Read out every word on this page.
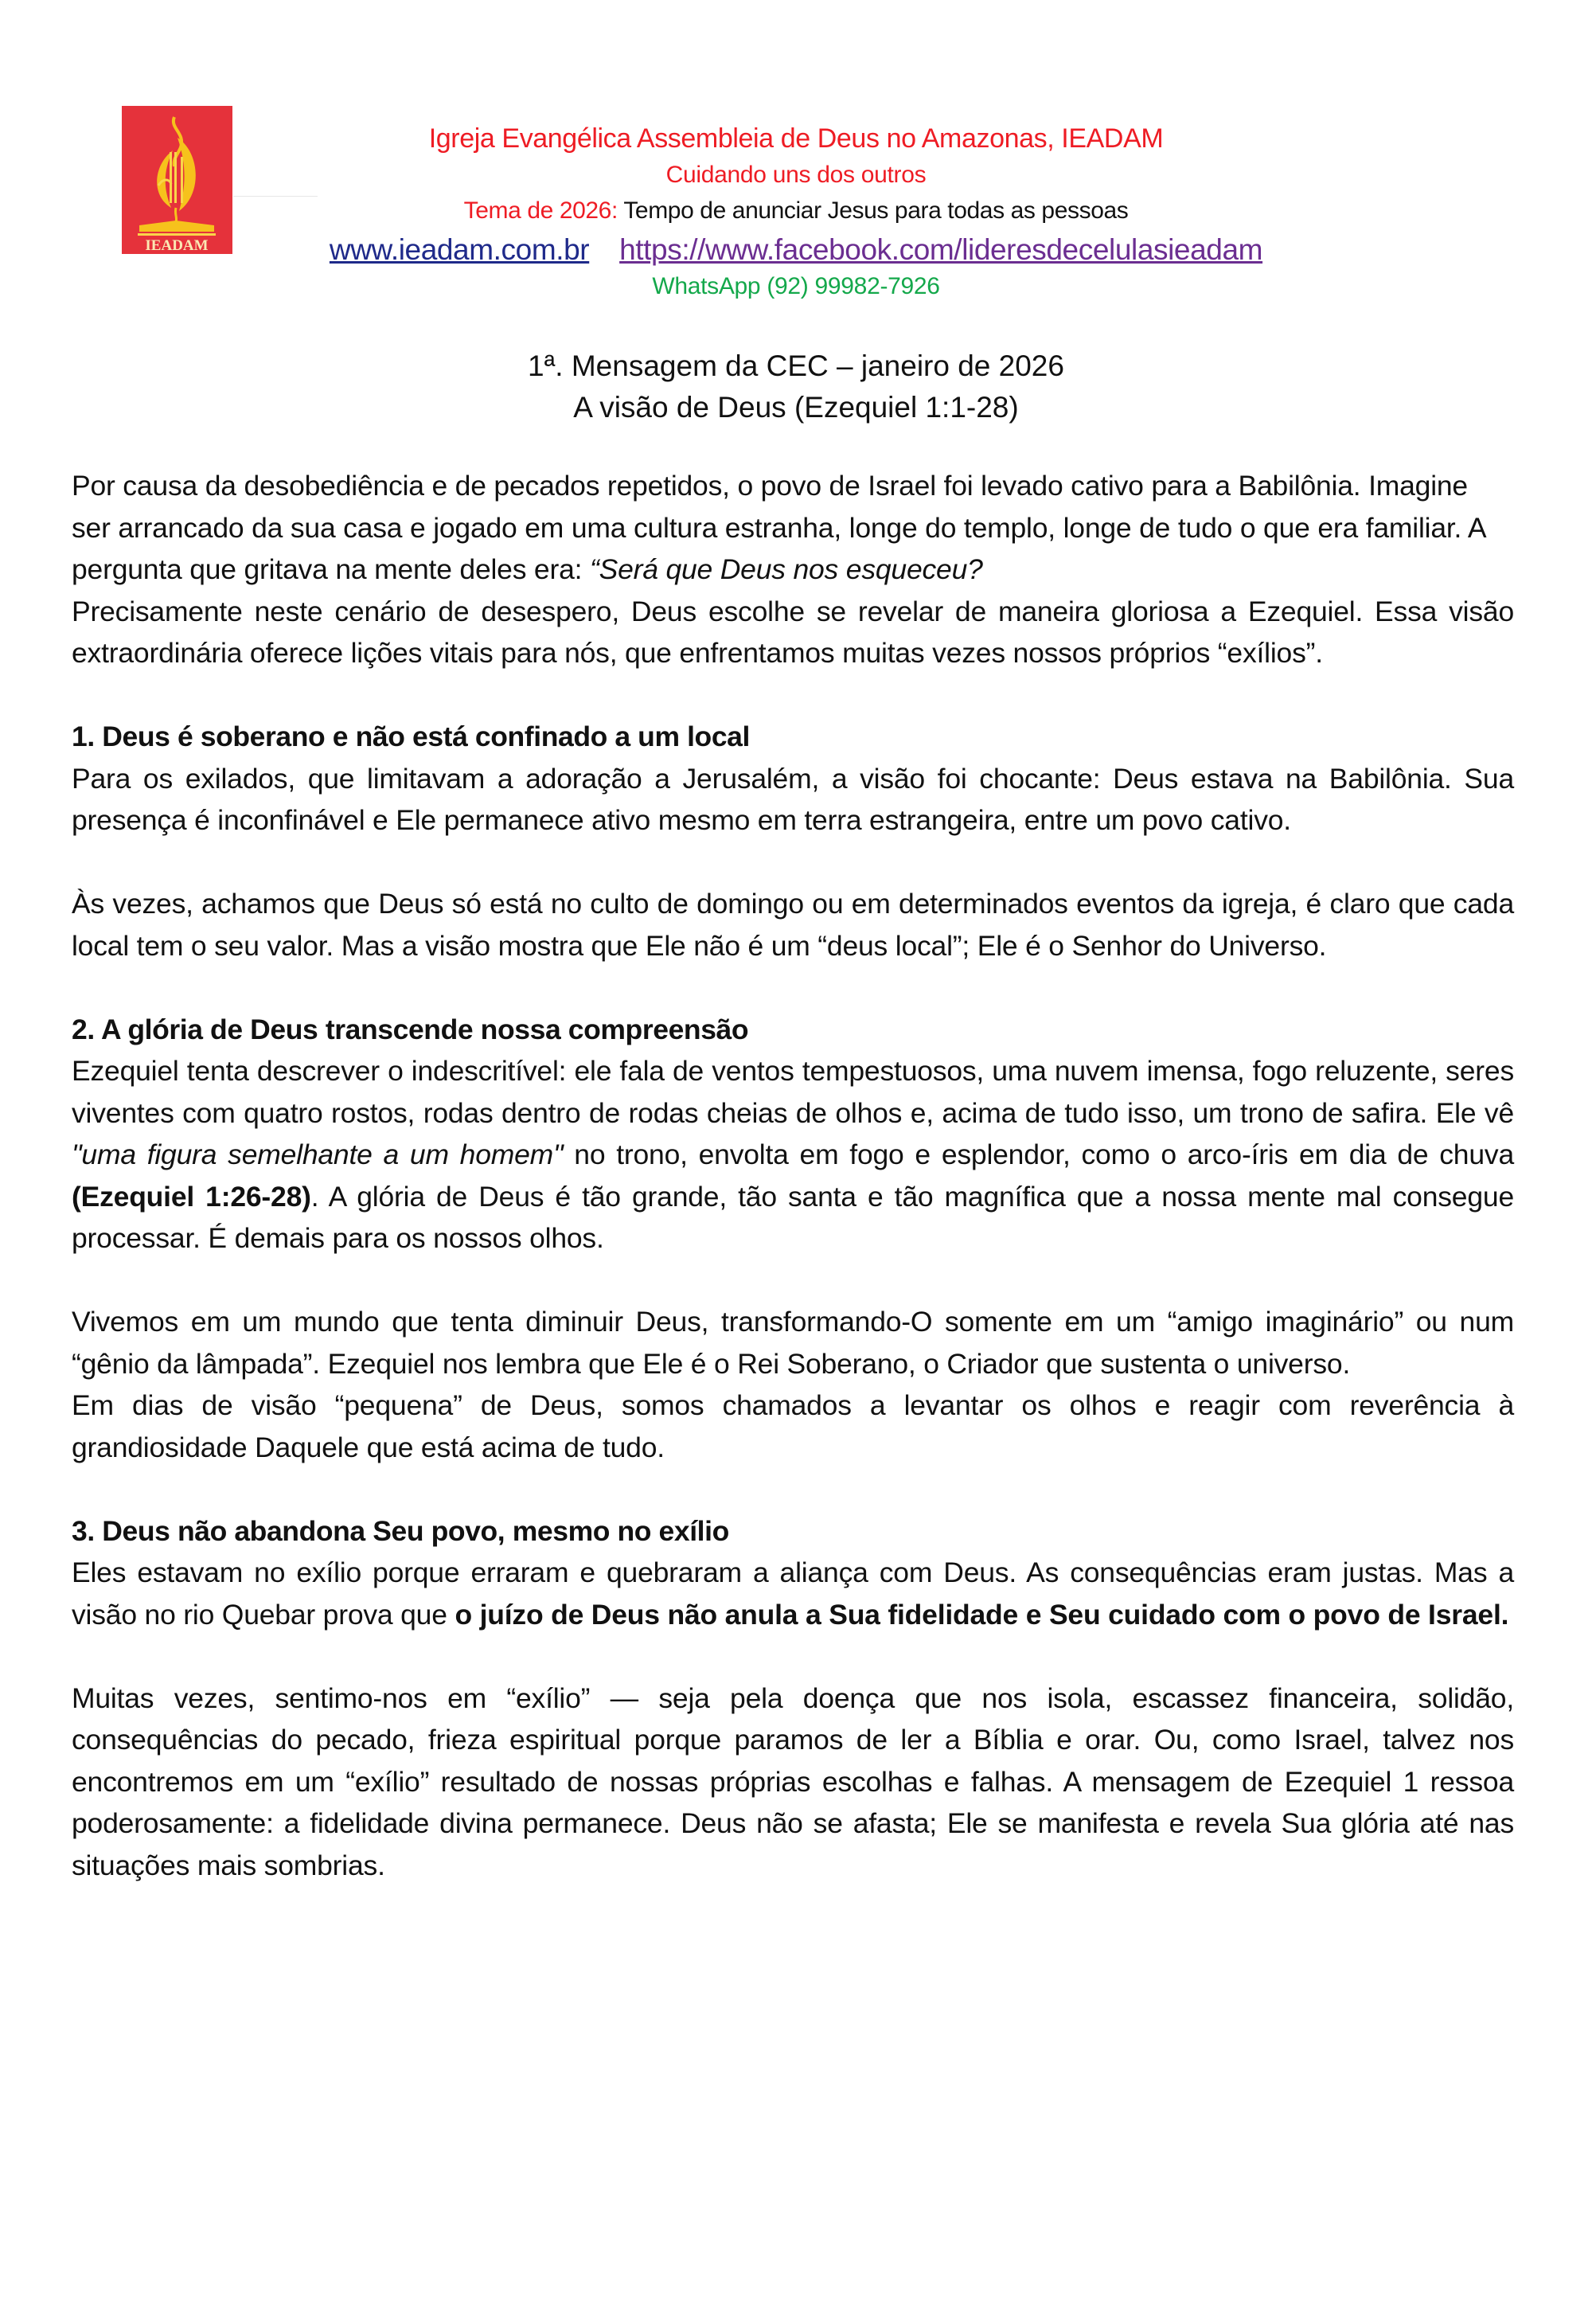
IEADAM
Igreja Evangélica Assembleia de Deus no Amazonas, IEADAM
Cuidando uns dos outros
Tema de 2026: Tempo de anunciar Jesus para todas as pessoas
www.ieadam.com.br https://www.facebook.com/lideresdecelulasieadam
WhatsApp (92) 99982-7926
1ª. Mensagem da CEC – janeiro de 2026
A visão de Deus (Ezequiel 1:1-28)

Por causa da desobediência e de pecados repetidos, o povo de Israel foi levado cativo para a Babilônia. Imagine ser arrancado da sua casa e jogado em uma cultura estranha, longe do templo, longe de tudo o que era familiar. A pergunta que gritava na mente deles era: “Será que Deus nos esqueceu?

Precisamente neste cenário de desespero, Deus escolhe se revelar de maneira gloriosa a Ezequiel. Essa visão extraordinária oferece lições vitais para nós, que enfrentamos muitas vezes nossos próprios “exílios”.

1. Deus é soberano e não está confinado a um local

Para os exilados, que limitavam a adoração a Jerusalém, a visão foi chocante: Deus estava na Babilônia. Sua presença é inconfinável e Ele permanece ativo mesmo em terra estrangeira, entre um povo cativo.

Às vezes, achamos que Deus só está no culto de domingo ou em determinados eventos da igreja, é claro que cada local tem o seu valor. Mas a visão mostra que Ele não é um “deus local”; Ele é o Senhor do Universo.

2. A glória de Deus transcende nossa compreensão

Ezequiel tenta descrever o indescritível: ele fala de ventos tempestuosos, uma nuvem imensa, fogo reluzente, seres viventes com quatro rostos, rodas dentro de rodas cheias de olhos e, acima de tudo isso, um trono de safira. Ele vê "uma figura semelhante a um homem" no trono, envolta em fogo e esplendor, como o arco-íris em dia de chuva (Ezequiel 1:26-28). A glória de Deus é tão grande, tão santa e tão magnífica que a nossa mente mal consegue processar. É demais para os nossos olhos.

Vivemos em um mundo que tenta diminuir Deus, transformando-O somente em um “amigo imaginário” ou num “gênio da lâmpada”. Ezequiel nos lembra que Ele é o Rei Soberano, o Criador que sustenta o universo.

Em dias de visão “pequena” de Deus, somos chamados a levantar os olhos e reagir com reverência à grandiosidade Daquele que está acima de tudo.

3. Deus não abandona Seu povo, mesmo no exílio

Eles estavam no exílio porque erraram e quebraram a aliança com Deus. As consequências eram justas. Mas a visão no rio Quebar prova que o juízo de Deus não anula a Sua fidelidade e Seu cuidado com o povo de Israel.

Muitas vezes, sentimo-nos em “exílio” — seja pela doença que nos isola, escassez financeira, solidão, consequências do pecado, frieza espiritual porque paramos de ler a Bíblia e orar. Ou, como Israel, talvez nos encontremos em um “exílio” resultado de nossas próprias escolhas e falhas. A mensagem de Ezequiel 1 ressoa poderosamente: a fidelidade divina permanece. Deus não se afasta; Ele se manifesta e revela Sua glória até nas situações mais sombrias.
